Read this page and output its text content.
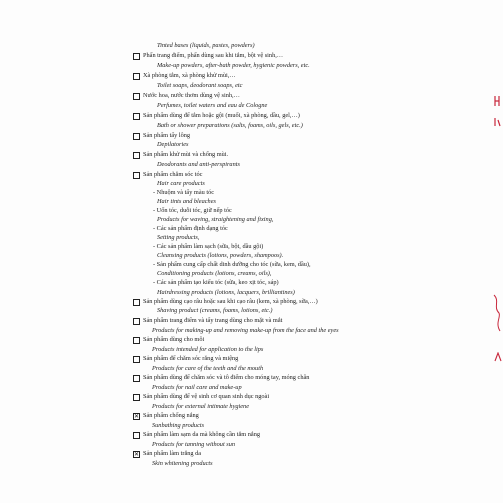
Tinted bases (liquids, pastes, powders)
Phấn trang điểm, phấn dùng sau khi tắm, bột vệ sinh,…
Make-up powders, after-bath powder, hygienic powders, etc.
Xà phòng tắm, xà phòng khử mùi,…
Toilet soaps, deodorant soaps, etc
Nước hoa, nước thơm dùng vệ sinh,…
Perfumes, toilet waters and eau de Cologne
Sản phẩm dùng để tắm hoặc gội (muối, xà phòng, dầu, gel,…)
Bath or shower preparations (salts, foams, oils, gels, etc.)
Sản phẩm tẩy lông
Depilatories
Sản phẩm khử mùi và chống mùi.
Deodorants and anti-perspirants
Sản phẩm chăm sóc tóc
Hair care products
- Nhuộm và tẩy màu tóc
Hair tints and bleaches
- Uốn tóc, duỗi tóc, giữ nếp tóc
Products for waving, straightening and fixing,
- Các sản phẩm định dạng tóc
Setting products,
- Các sản phẩm làm sạch (sữa, bột, dầu gội)
Cleansing products (lotions, powders, shampoos).
- Sản phẩm cung cấp chất dinh dưỡng cho tóc (sữa, kem, dầu),
Conditioning products (lotions, creams, oils),
- Các sản phẩm tạo kiểu tóc (sữa, keo xịt tóc, sáp)
Hairdressing products (lotions, lacquers, brilliantines)
Sản phẩm dùng cạo râu hoặc sau khi cạo râu (kem, xà phòng, sữa,…)
Shaving product (creams, foams, lotions, etc.)
Sản phẩm trang điểm và tẩy trang dùng cho mặt và mắt
Products for making-up and removing make-up from the face and the eyes
Sản phẩm dùng cho môi
Products intended for application to the lips
Sản phẩm để chăm sóc răng và miệng
Products for care of the teeth and the mouth
Sản phẩm dùng để chăm sóc và tô điểm cho móng tay, móng chân
Products for nail care and make-up
Sản phẩm dùng để vệ sinh cơ quan sinh dục ngoài
Products for external intimate hygiene
✕ Sản phẩm chống nắng
Sunbathing products
Sản phẩm làm sạm da mà không cần tắm nắng
Products for tanning without sun
✕ Sản phẩm làm trắng da
Skin whitening products
